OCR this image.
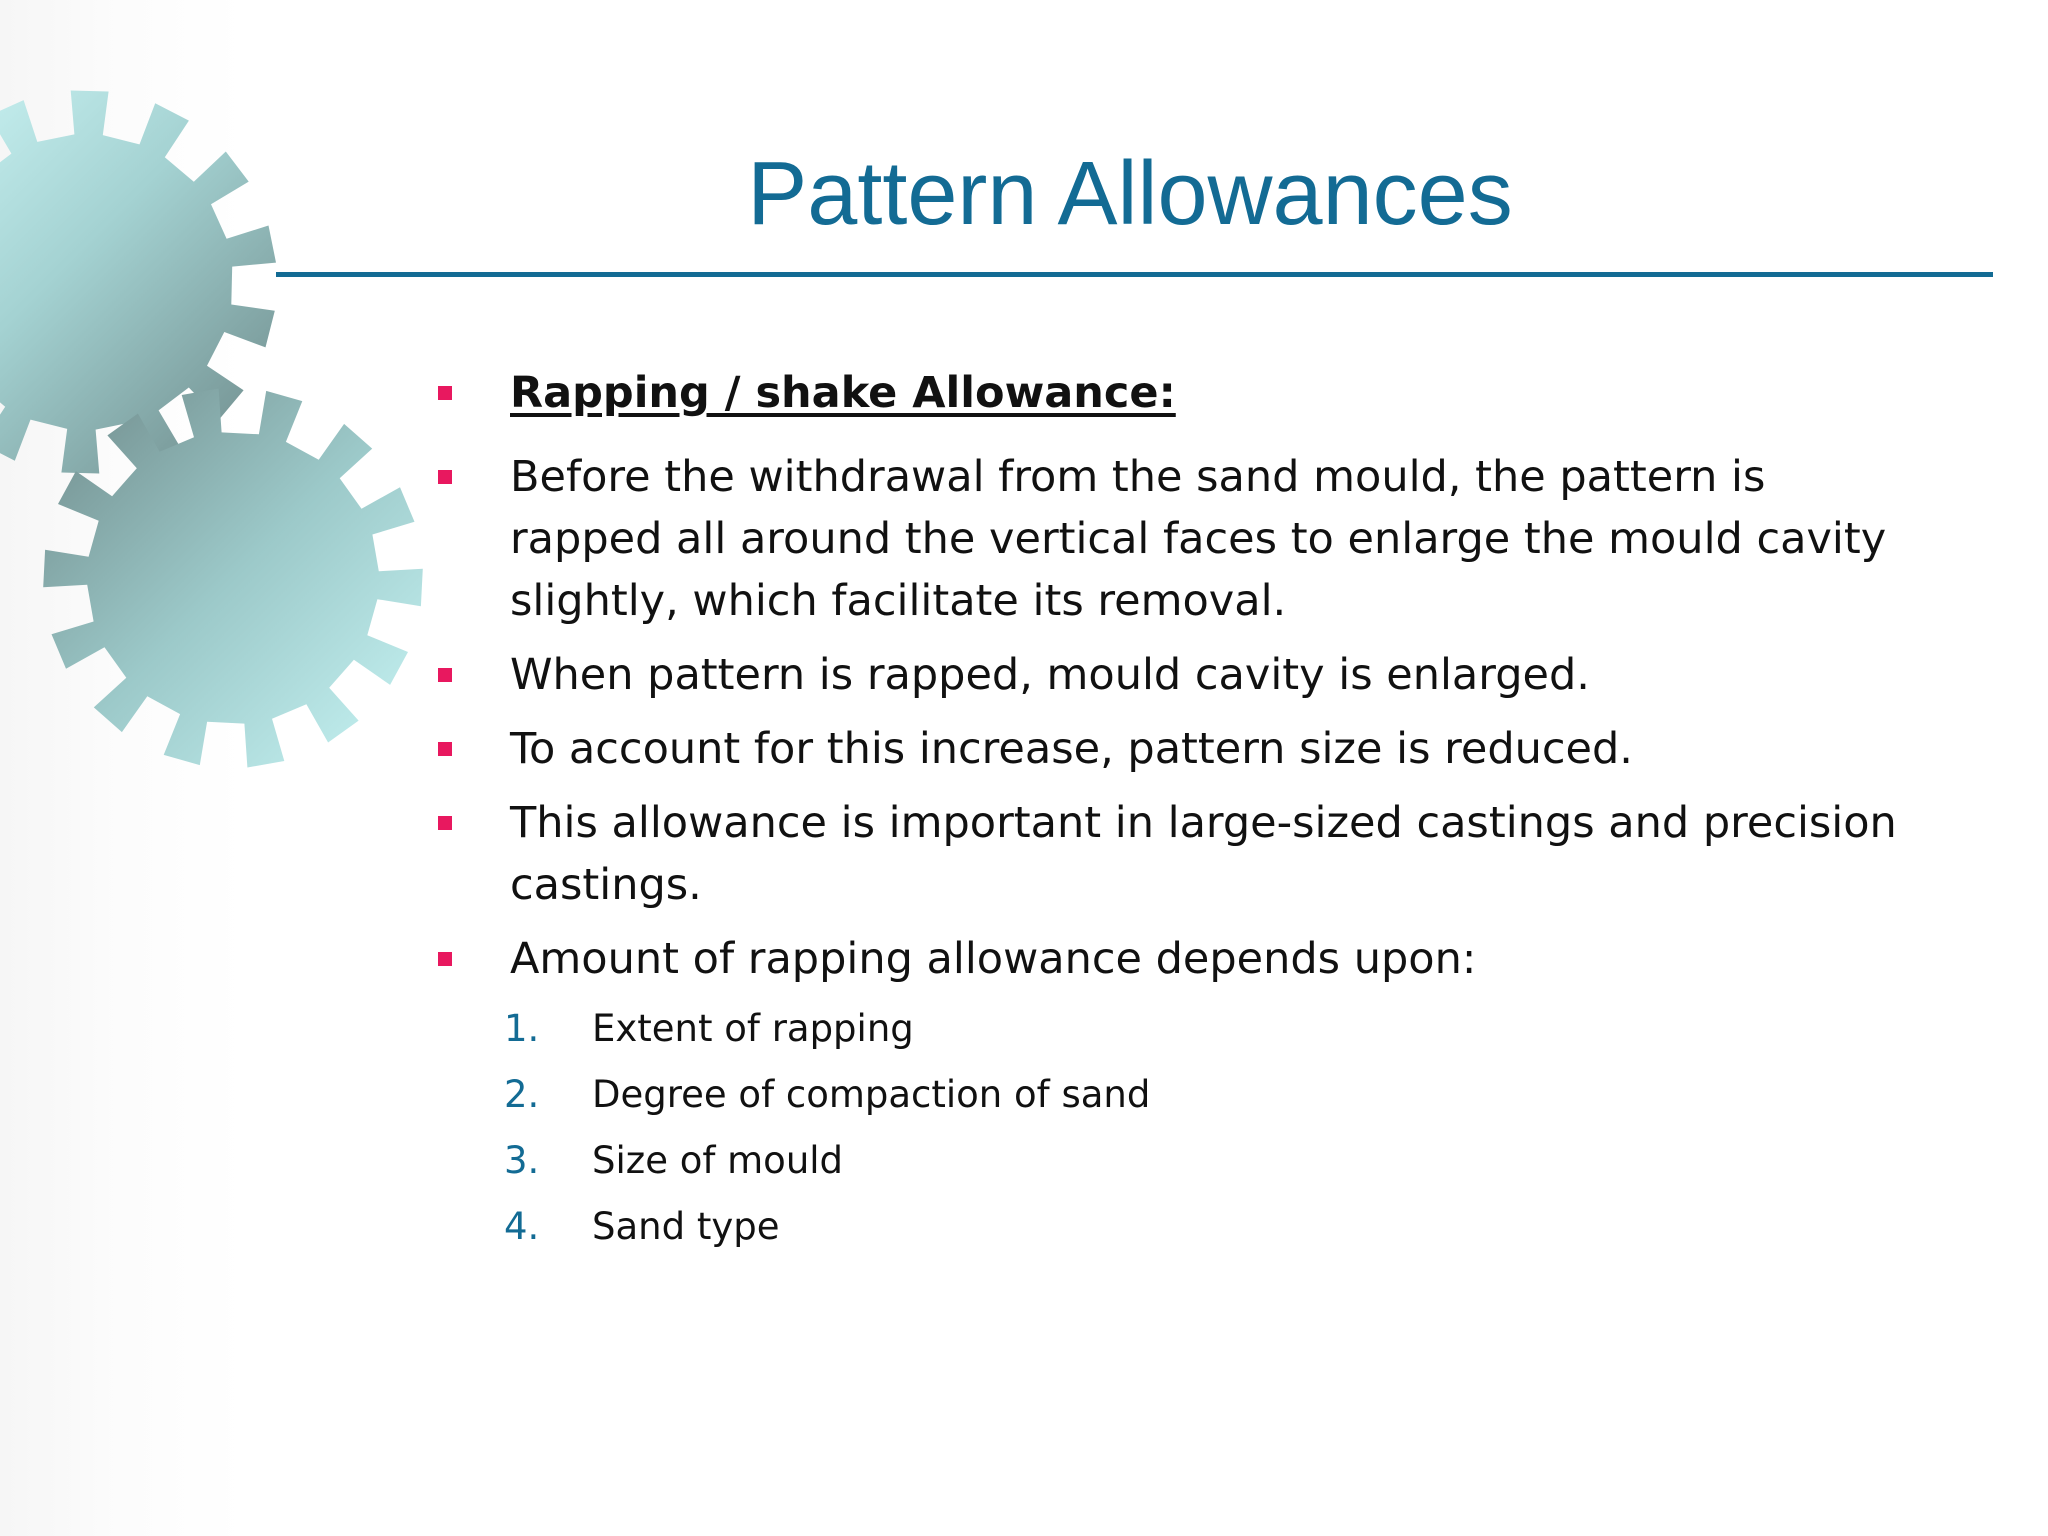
Pattern Allowances
Rapping / shake Allowance:
Before the withdrawal from the sand mould, the pattern is rapped all around the vertical faces to enlarge the mould cavity slightly, which facilitate its removal.
When pattern is rapped, mould cavity is enlarged.
To account for this increase, pattern size is reduced.
This allowance is important in large-sized castings and precision castings.
Amount of rapping allowance depends upon:
1. Extent of rapping
2. Degree of compaction of sand
3. Size of mould
4. Sand type
